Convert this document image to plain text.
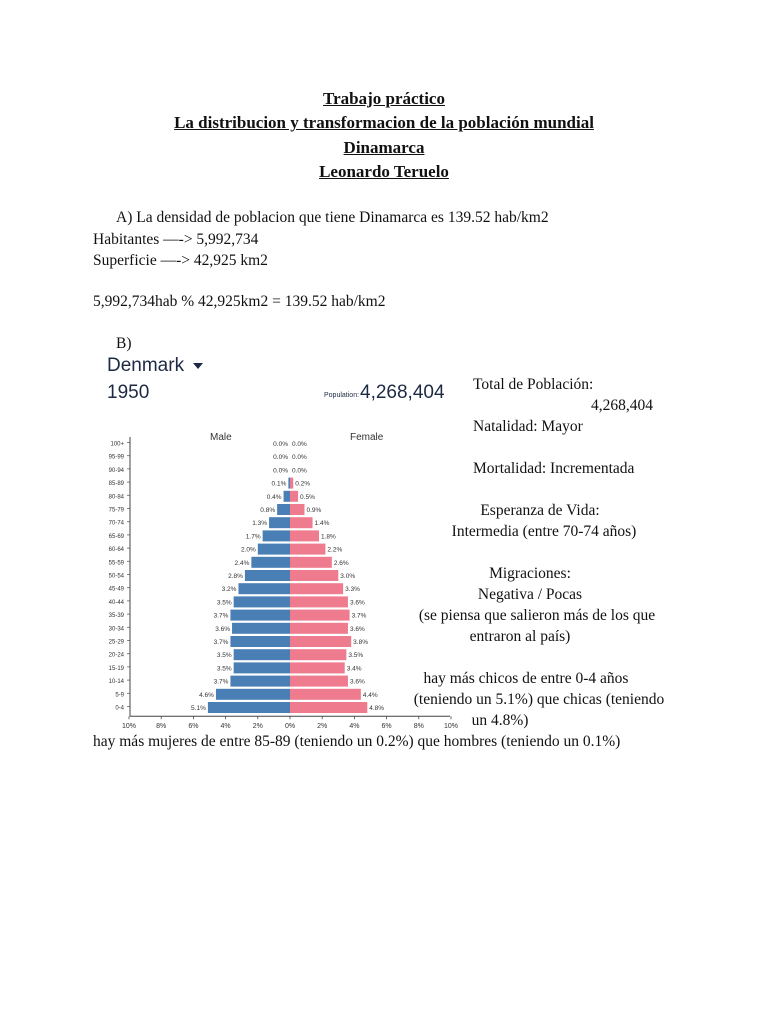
Trabajo práctico
La distribucion y transformacion de la población mundial
Dinamarca
Leonardo Teruelo
A) La densidad de poblacion que tiene Dinamarca es 139.52 hab/km2
Habitantes —-> 5,992,734
Superficie —-> 42,925 km2
5,992,734hab % 42,925km2 = 139.52 hab/km2
B)
Denmark
1950	Population: 4,268,404
Male	Female
100+	0.0% 0.0%
95-99	0.0% 0.0%
90-94	0.0% 0.0%
85-89	0.1% 0.2%
80-84	0.4%	0.5%
75-79	0.8%	0.9%
70-74	1.3%	1.4%
65-69	1.7%	1.8%
60-64	2.0%	2.2%
55-59	2.4%	2.6%
50-54	2.8%	3.0%
45-49	3.2%	3.3%
40-44	3.5%	3.6%
35-39	3.7%	3.7%
30-34	3.6%	3.6%
25-29	3.7%	3.8%
20-24	3.5%	3.5%
15-19	3.5%	3.4%
10-14	3.7%	3.6%
5-9	4.6%	4.4%
0-4	5.1%	4.8%
10%	8%	6%	4%	2%	0%	2%	4%	6%	8%	10%
Total de Población:
4,268,404
Natalidad: Mayor
Mortalidad: Incrementada
Esperanza de Vida:
Intermedia (entre 70-74 años)
Migraciones:
Negativa / Pocas
(se piensa que salieron más de los que
entraron al país)
hay más chicos de entre 0-4 años
(teniendo un 5.1%) que chicas (teniendo
un 4.8%)
hay más mujeres de entre 85-89 (teniendo un 0.2%) que hombres (teniendo un 0.1%)
